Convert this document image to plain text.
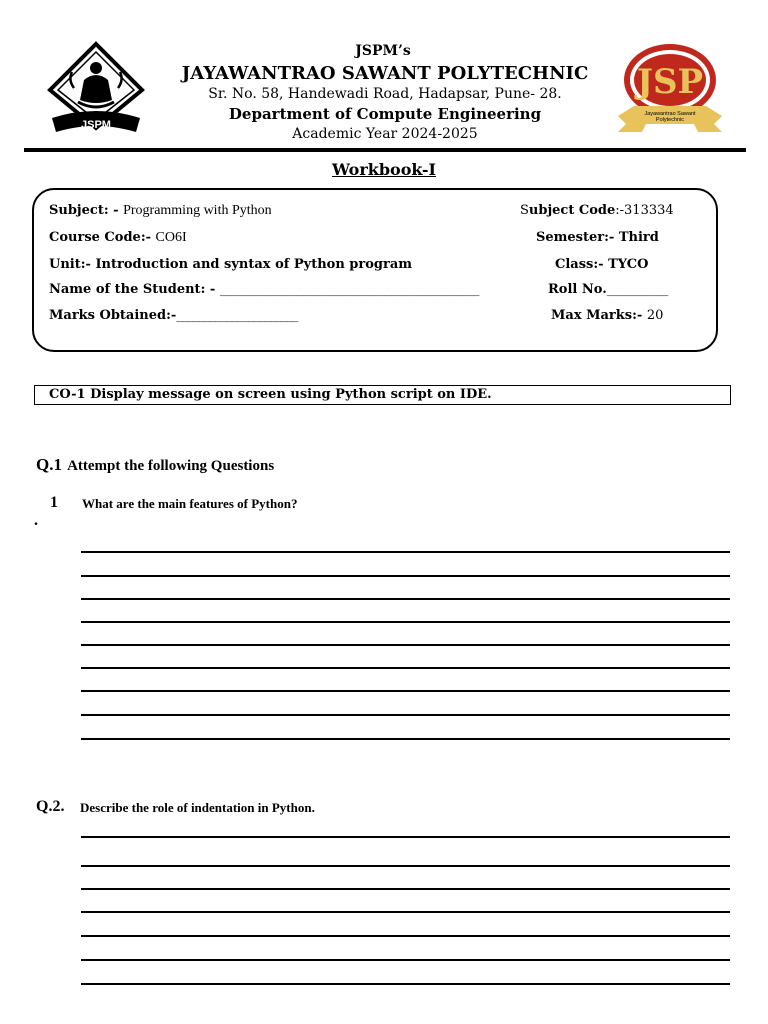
JSPM
JSPM’s
JAYAWANTRAO SAWANT POLYTECHNIC
Sr. No. 58, Handewadi Road, Hadapsar, Pune- 28.
Department of Compute Engineering
Academic Year 2024-2025
JSP
Jayawantrao Sawant
Polytechnic
Workbook-I
Subject: - Programming with Python	Subject Code:-313334
Course Code:- CO6I	Semester:- Third
Unit:- Introduction and syntax of Python program	Class:- TYCO
Name of the Student: - _______________________________________________	Roll No.___________
Marks Obtained:-______________________	Max Marks:- 20
CO-1 Display message on screen using Python script on IDE.
Q.1 Attempt the following Questions
1
.
What are the main features of Python?
Q.2. Describe the role of indentation in Python.
